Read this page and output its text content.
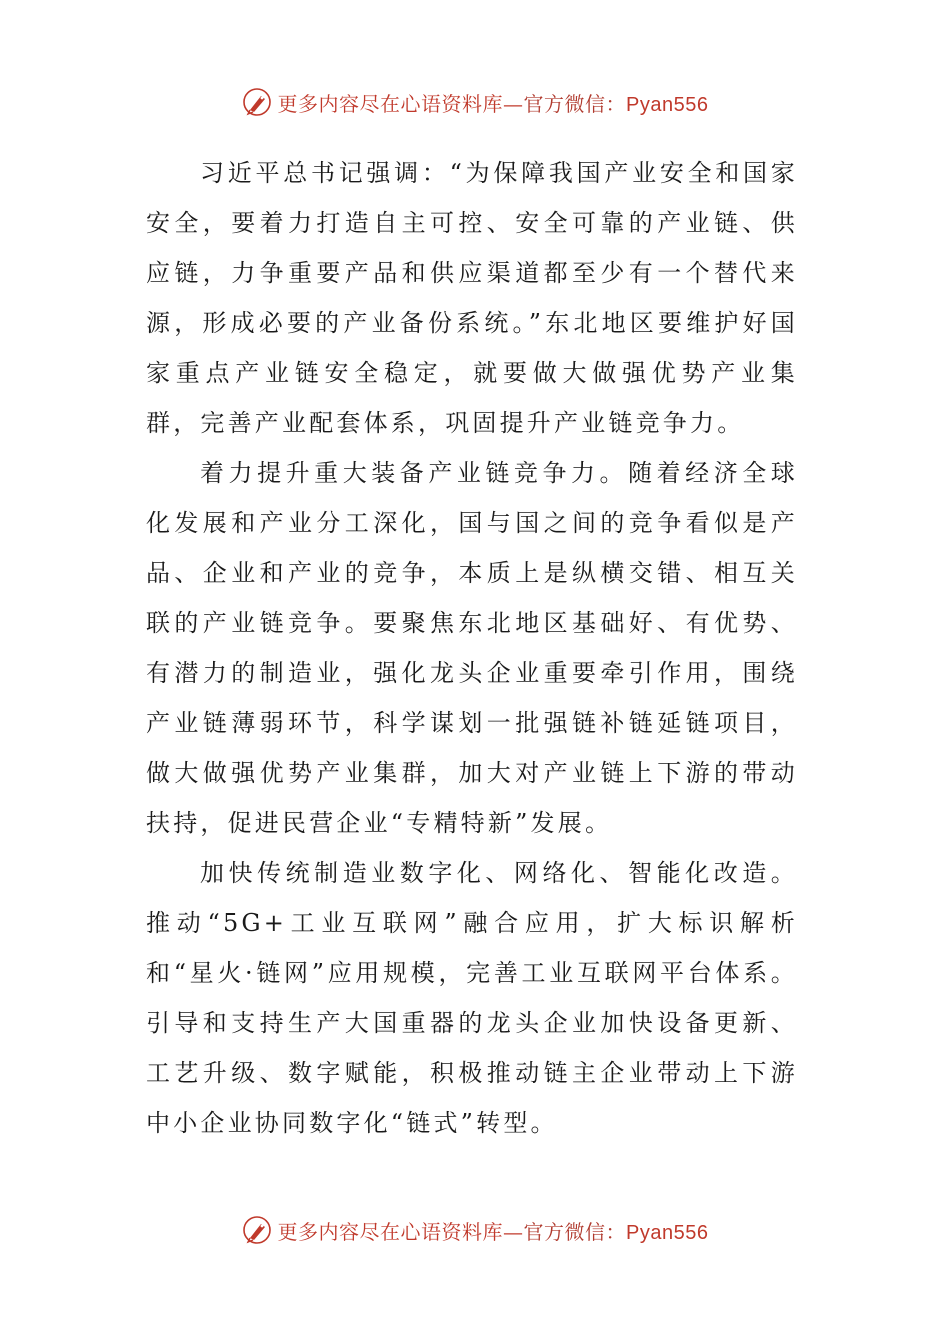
更多内容尽在心语资料库—官方微信：Pyan556

习近平总书记强调：“为保障我国产业安全和国家安全，要着力打造自主可控、安全可靠的产业链、供应链，力争重要产品和供应渠道都至少有一个替代来源，形成必要的产业备份系统。”东北地区要维护好国家重点产业链安全稳定，就要做大做强优势产业集群，完善产业配套体系，巩固提升产业链竞争力。

着力提升重大装备产业链竞争力。随着经济全球化发展和产业分工深化，国与国之间的竞争看似是产品、企业和产业的竞争，本质上是纵横交错、相互关联的产业链竞争。要聚焦东北地区基础好、有优势、有潜力的制造业，强化龙头企业重要牵引作用，围绕产业链薄弱环节，科学谋划一批强链补链延链项目，做大做强优势产业集群，加大对产业链上下游的带动扶持，促进民营企业“专精特新”发展。

加快传统制造业数字化、网络化、智能化改造。推动“5G+工业互联网”融合应用，扩大标识解析和“星火·链网”应用规模，完善工业互联网平台体系。引导和支持生产大国重器的龙头企业加快设备更新、工艺升级、数字赋能，积极推动链主企业带动上下游中小企业协同数字化“链式”转型。

更多内容尽在心语资料库—官方微信：Pyan556
